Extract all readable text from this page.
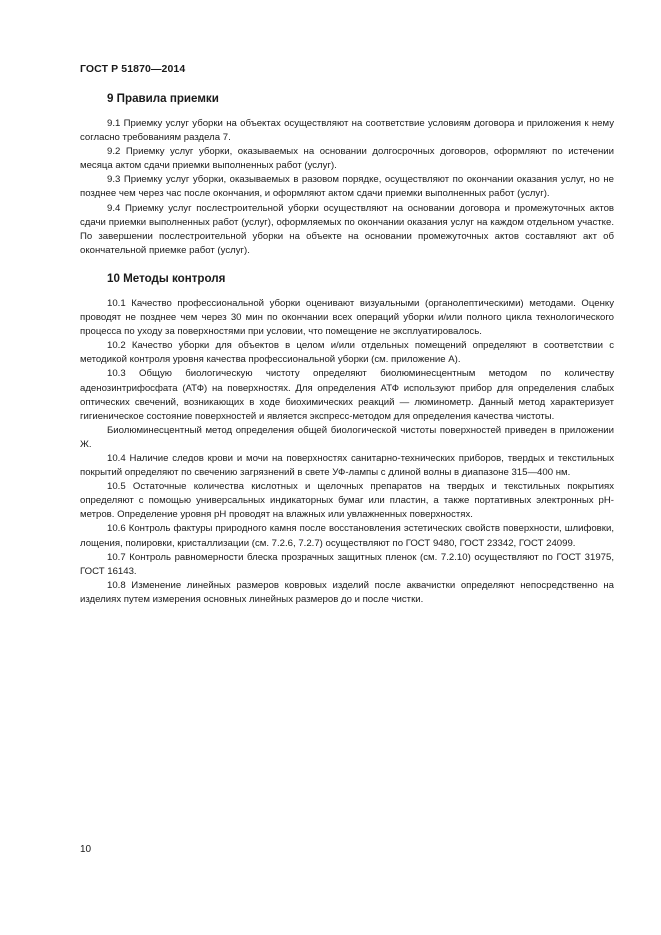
ГОСТ Р 51870—2014
9 Правила приемки

9.1 Приемку услуг уборки на объектах осуществляют на соответствие условиям договора и приложения к нему согласно требованиям раздела 7.

9.2 Приемку услуг уборки, оказываемых на основании долгосрочных договоров, оформляют по истечении месяца актом сдачи приемки выполненных работ (услуг).

9.3 Приемку услуг уборки, оказываемых в разовом порядке, осуществляют по окончании оказания услуг, но не позднее чем через час после окончания, и оформляют актом сдачи приемки выполненных работ (услуг).

9.4 Приемку услуг послестроительной уборки осуществляют на основании договора и промежуточных актов сдачи приемки выполненных работ (услуг), оформляемых по окончании оказания услуг на каждом отдельном участке. По завершении послестроительной уборки на объекте на основании промежуточных актов составляют акт об окончательной приемке работ (услуг).

10 Методы контроля

10.1 Качество профессиональной уборки оценивают визуальными (органолептическими) методами. Оценку проводят не позднее чем через 30 мин по окончании всех операций уборки и/или полного цикла технологического процесса по уходу за поверхностями при условии, что помещение не эксплуатировалось.

10.2 Качество уборки для объектов в целом и/или отдельных помещений определяют в соответствии с методикой контроля уровня качества профессиональной уборки (см. приложение А).

10.3 Общую биологическую чистоту определяют биолюминесцентным методом по количеству аденозинтрифосфата (АТФ) на поверхностях. Для определения АТФ используют прибор для определения слабых оптических свечений, возникающих в ходе биохимических реакций — люминометр. Данный метод характеризует гигиеническое состояние поверхностей и является экспресс-методом для определения качества чистоты.

Биолюминесцентный метод определения общей биологической чистоты поверхностей приведен в приложении Ж.

10.4 Наличие следов крови и мочи на поверхностях санитарно-технических приборов, твердых и текстильных покрытий определяют по свечению загрязнений в свете УФ-лампы с длиной волны в диапазоне 315—400 нм.

10.5 Остаточные количества кислотных и щелочных препаратов на твердых и текстильных покрытиях определяют с помощью универсальных индикаторных бумаг или пластин, а также портативных электронных рН-метров. Определение уровня рН проводят на влажных или увлажненных поверхностях.

10.6 Контроль фактуры природного камня после восстановления эстетических свойств поверхности, шлифовки, лощения, полировки, кристаллизации (см. 7.2.6, 7.2.7) осуществляют по ГОСТ 9480, ГОСТ 23342, ГОСТ 24099.

10.7 Контроль равномерности блеска прозрачных защитных пленок (см. 7.2.10) осуществляют по ГОСТ 31975, ГОСТ 16143.

10.8 Изменение линейных размеров ковровых изделий после аквачистки определяют непосредственно на изделиях путем измерения основных линейных размеров до и после чистки.

10
